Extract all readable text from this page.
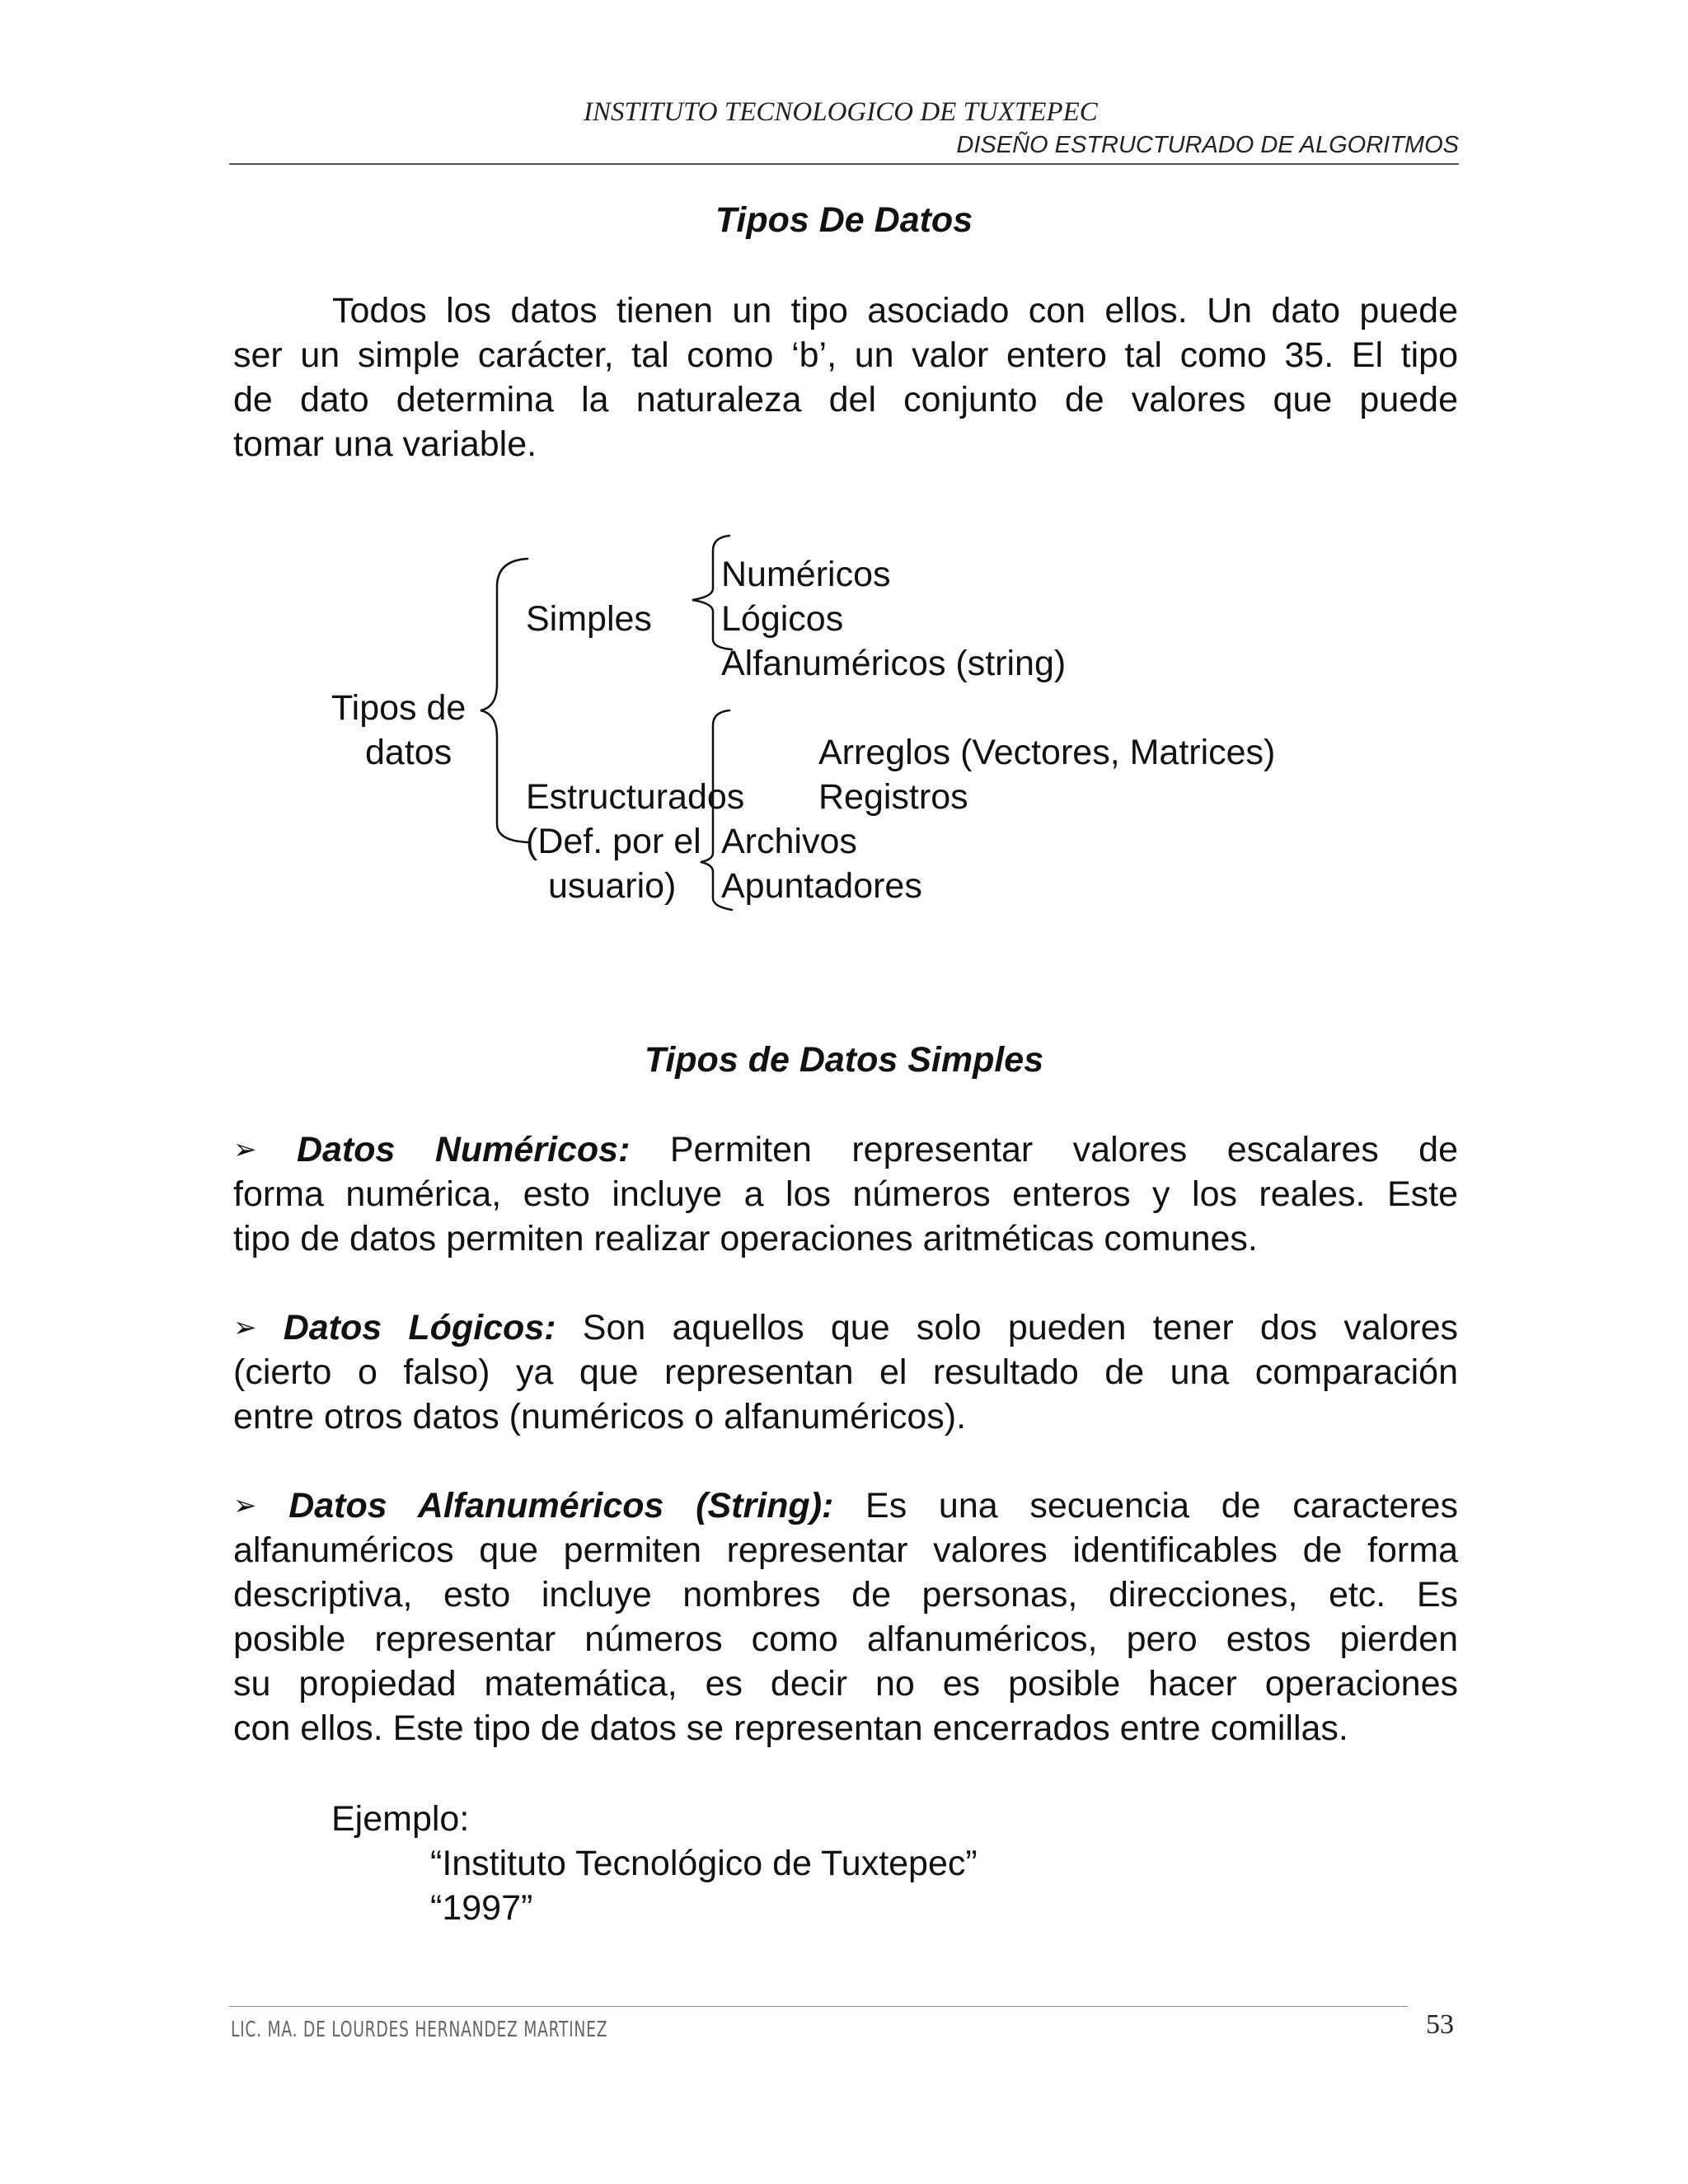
INSTITUTO TECNOLOGICO DE TUXTEPEC
DISEÑO ESTRUCTURADO DE ALGORITMOS
Tipos De Datos
Todos los datos tienen un tipo asociado con ellos. Un dato puede
ser un simple carácter, tal como ‘b’, un valor entero tal como 35. El tipo
de dato determina la naturaleza del conjunto de valores que puede
tomar una variable.
Tipos de
datos
Simples
Numéricos
Lógicos
Alfanuméricos (string)
Estructurados
(Def. por el
usuario)
Arreglos (Vectores, Matrices)
Registros
Archivos
Apuntadores
Tipos de Datos Simples
➢ Datos Numéricos: Permiten representar valores escalares de
forma numérica, esto incluye a los números enteros y los reales. Este
tipo de datos permiten realizar operaciones aritméticas comunes.
➢ Datos Lógicos: Son aquellos que solo pueden tener dos valores
(cierto o falso) ya que representan el resultado de una comparación
entre otros datos (numéricos o alfanuméricos).
➢ Datos Alfanuméricos (String): Es una secuencia de caracteres
alfanuméricos que permiten representar valores identificables de forma
descriptiva, esto incluye nombres de personas, direcciones, etc. Es
posible representar números como alfanuméricos, pero estos pierden
su propiedad matemática, es decir no es posible hacer operaciones
con ellos. Este tipo de datos se representan encerrados entre comillas.
Ejemplo:
“Instituto Tecnológico de Tuxtepec”
“1997”
LIC. MA. DE LOURDES HERNANDEZ MARTINEZ	53
